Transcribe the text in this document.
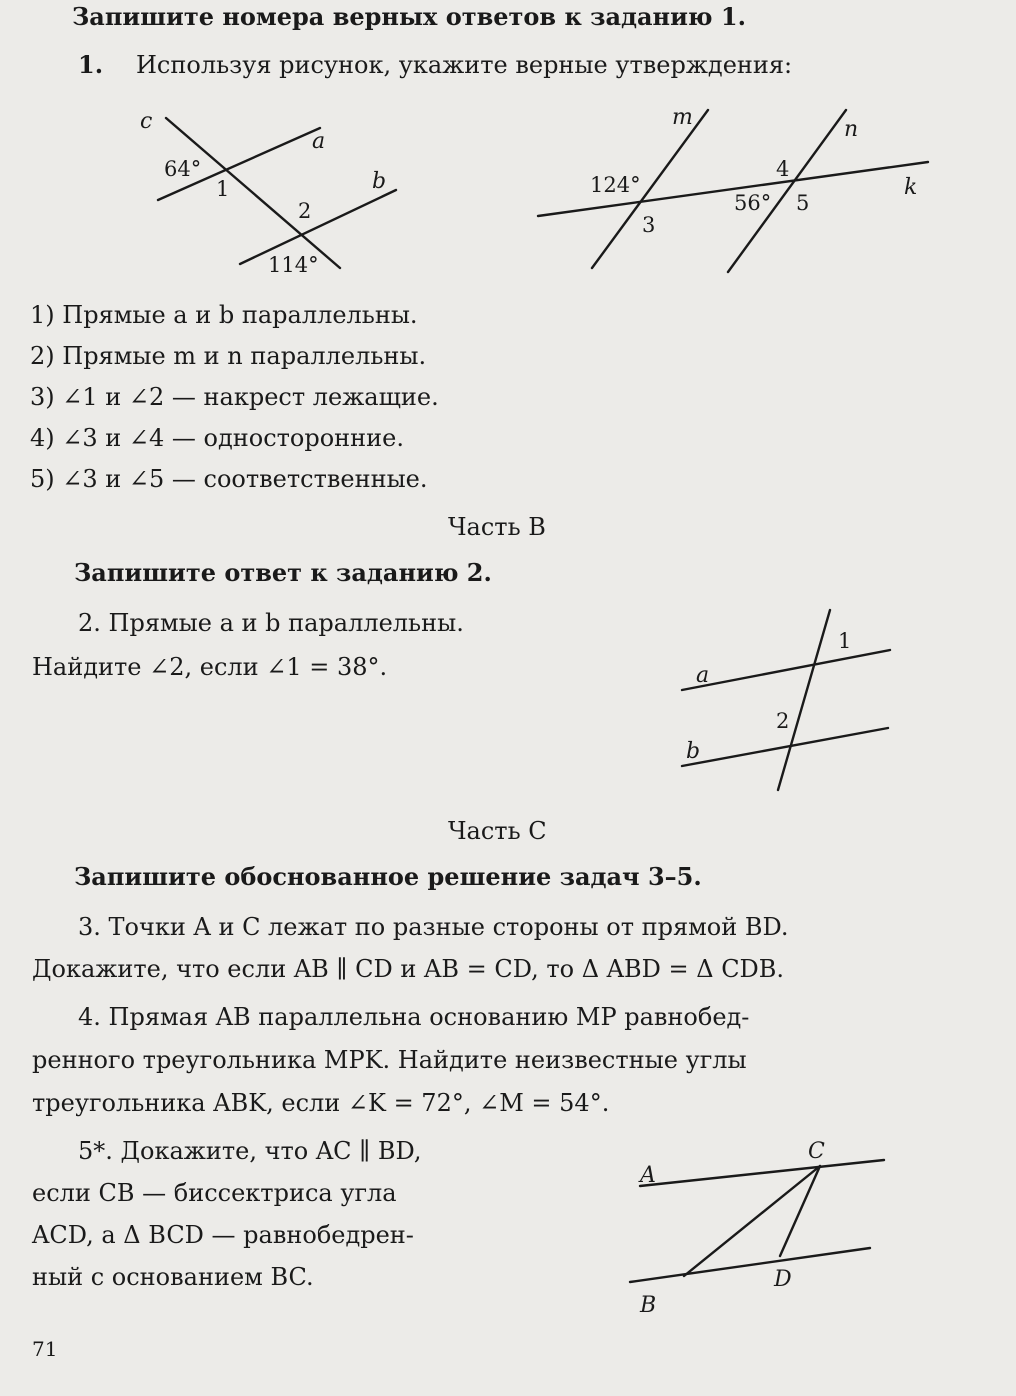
Запишите номера верных ответов к заданию 1.
1. Используя рисунок, укажите верные утверждения:
1) Прямые a и b параллельны.
2) Прямые m и n параллельны.
3) ∠1 и ∠2 — накрест лежащие.
4) ∠3 и ∠4 — односторонние.
5) ∠3 и ∠5 — соответственные.
Часть В
Запишите ответ к заданию 2.
2. Прямые a и b параллельны.
Найдите ∠2, если ∠1 = 38°.
Часть С
Запишите обоснованное решение задач 3–5.
3. Точки A и C лежат по разные стороны от прямой BD.
Докажите, что если AB ∥ CD и AB = CD, то Δ ABD = Δ CDB.
4. Прямая AB параллельна основанию MP равнобед-
ренного треугольника MPK. Найдите неизвестные углы
треугольника ABK, если ∠K = 72°, ∠M = 54°.
5*. Докажите, что AC ∥ BD,
если CB — биссектриса угла
ACD, а Δ BCD — равнобедрен-
ный с основанием BC.
71
c
a
b
64°
1
2
114°
m	n
k
124°
3
4
56° 5
a
b
1
2
A
C
B
D
